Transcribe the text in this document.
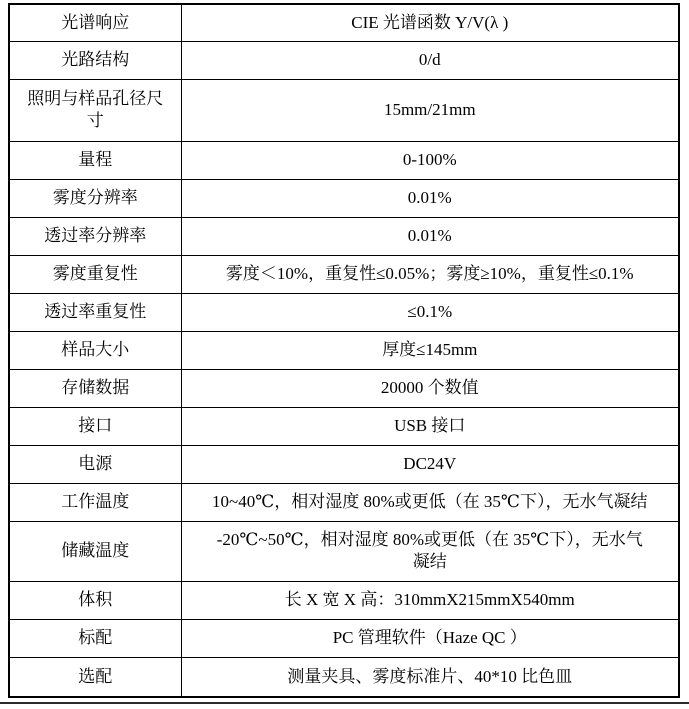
光谱响应	CIE 光谱函数 Y/V(λ )
光路结构	0/d
照明与样品孔径尺寸	15mm/21mm
量程	0-100%
雾度分辨率	0.01%
透过率分辨率	0.01%
雾度重复性	雾度＜10%，重复性≤0.05%；雾度≥10%，重复性≤0.1%
透过率重复性	≤0.1%
样品大小	厚度≤145mm
存储数据	20000 个数值
接口	USB 接口
电源	DC24V
工作温度	10~40℃，相对湿度 80%或更低（在 35℃下），无水气凝结
储藏温度	-20℃~50℃，相对湿度 80%或更低（在 35℃下），无水气凝结
体积	长 X 宽 X 高：310mmX215mmX540mm
标配	PC 管理软件（Haze QC ）
选配	测量夹具、雾度标准片、40*10 比色皿
